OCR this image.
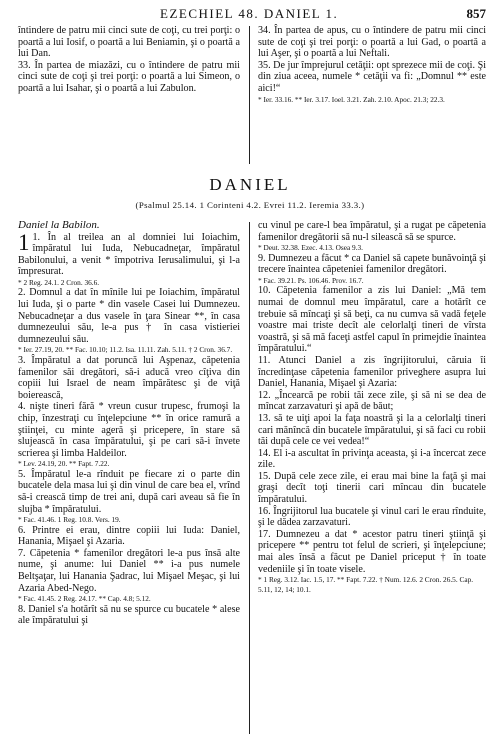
EZECHIEL 48. DANIEL 1.	857

întindere de patru mii cinci sute de coţi, cu trei porţi: o poartă a lui Iosif, o poartă a lui Beniamin, şi o poartă a lui Dan.

33. În partea de miazăzi, cu o întindere de patru mii cinci sute de coţi şi trei porţi: o poartă a lui Simeon, o poartă a lui Isahar, şi o poartă a lui Zabulon.

34. În partea de apus, cu o întindere de patru mii cinci sute de coţi şi trei porţi: o poartă a lui Gad, o poartă a lui Aşer, şi o poartă a lui Neftali.

35. De jur împrejurul cetăţii: opt sprezece mii de coţi. Şi din ziua aceea, numele * cetăţii va fi: „Domnul ** este aici!“

* Ier. 33.16. ** Ier. 3.17. Ioel. 3.21. Zah. 2.10. Apoc. 21.3; 22.3.

DANIEL
(Psalmul 25.14. 1 Corinteni 4.2. Evrei 11.2. Ieremia 33.3.)

Daniel la Babilon.

1 1. În al treilea an al domniei lui Ioiachim, împăratul lui Iuda, Nebucadneţar, împăratul Babilonului, a venit * împotriva Ierusalimului, şi l-a împresurat.

* 2 Reg. 24.1. 2 Cron. 36.6.

2. Domnul a dat în mînile lui pe Ioiachim, împăratul lui Iuda, şi o parte * din vasele Casei lui Dumnezeu. Nebucadneţar a dus vasele în ţara Sinear **, în casa dumnezeului său, le-a pus † în casa vistieriei dumnezeului său.

* Ier. 27.19, 20. ** Fac. 10.10; 11.2. Isa. 11.11. Zah. 5.11. † 2 Cron. 36.7.

3. Împăratul a dat poruncă lui Aşpenaz, căpetenia famenilor săi dregători, să-i aducă vreo cîţiva din copiii lui Israel de neam împărătesc şi de viţă boierească,

4. nişte tineri fără * vreun cusur trupesc, frumoşi la chip, înzestraţi cu înţelepciune ** în orice ramură a ştiinţei, cu minte ageră şi pricepere, în stare să slujească în casa împăratului, şi pe cari să-i învete scrierea şi limba Haldeilor.

* Lev. 24.19, 20. ** Fapt. 7.22.

5. Împăratul le-a rînduit pe fiecare zi o parte din bucatele dela masa lui şi din vinul de care bea el, vrînd să-i crească timp de trei ani, după cari aveau să fie în slujba * împăratului.

* Fac. 41.46. 1 Reg. 10.8. Vers. 19.

6. Printre ei erau, dintre copiii lui Iuda: Daniel, Hanania, Mişael şi Azaria.

7. Căpetenia * famenilor dregători le-a pus însă alte nume, şi anume: lui Daniel ** i-a pus numele Beltşaţar, lui Hanania Şadrac, lui Mişael Meşac, şi lui Azaria Abed-Nego.

* Fac. 41.45. 2 Reg. 24.17. ** Cap. 4.8; 5.12.

8. Daniel s'a hotărît să nu se spurce cu bucatele * alese ale împăratului şi

cu vinul pe care-l bea împăratul, şi a rugat pe căpetenia famenilor dregătorii să nu-l silească să se spurce.

* Deut. 32.38. Ezec. 4.13. Osea 9.3.

9. Dumnezeu a făcut * ca Daniel să capete bunăvoinţă şi trecere înaintea căpeteniei famenilor dregători.

* Fac. 39.21. Ps. 106.46. Prov. 16.7.

10. Căpetenia famenilor a zis lui Daniel: „Mă tem numai de domnul meu împăratul, care a hotărît ce trebuie să mîncaţi şi să beţi, ca nu cumva să vadă feţele voastre mai triste decît ale celorlalţi tineri de vîrsta voastră, şi să mă faceţi astfel capul în primejdie înaintea împăratului.“

11. Atunci Daniel a zis îngrijitorului, căruia îi încredinţase căpetenia famenilor priveghere asupra lui Daniel, Hanania, Mişael şi Azaria:

12. „Încearcă pe robii tăi zece zile, şi să ni se dea de mîncat zarzavaturi şi apă de băut;

13. să te uiţi apoi la faţa noastră şi la a celorlalţi tineri cari mănîncă din bucatele împăratului, şi să faci cu robii tăi după cele ce vei vedea!“

14. El i-a ascultat în privinţa aceasta, şi i-a încercat zece zile.

15. După cele zece zile, ei erau mai bine la faţă şi mai graşi decît toţi tinerii cari mîncau din bucatele împăratului.

16. Îngrijitorul lua bucatele şi vinul cari le erau rînduite, şi le dădea zarzavaturi.

17. Dumnezeu a dat * acestor patru tineri ştiinţă şi pricepere ** pentru tot felul de scrieri, şi înţelepciune; mai ales însă a făcut pe Daniel priceput † în toate vedeniile şi în toate visele.

* 1 Reg. 3.12. Iac. 1.5, 17. ** Fapt. 7.22. † Num. 12.6. 2 Cron. 26.5. Cap. 5.11, 12, 14; 10.1.
